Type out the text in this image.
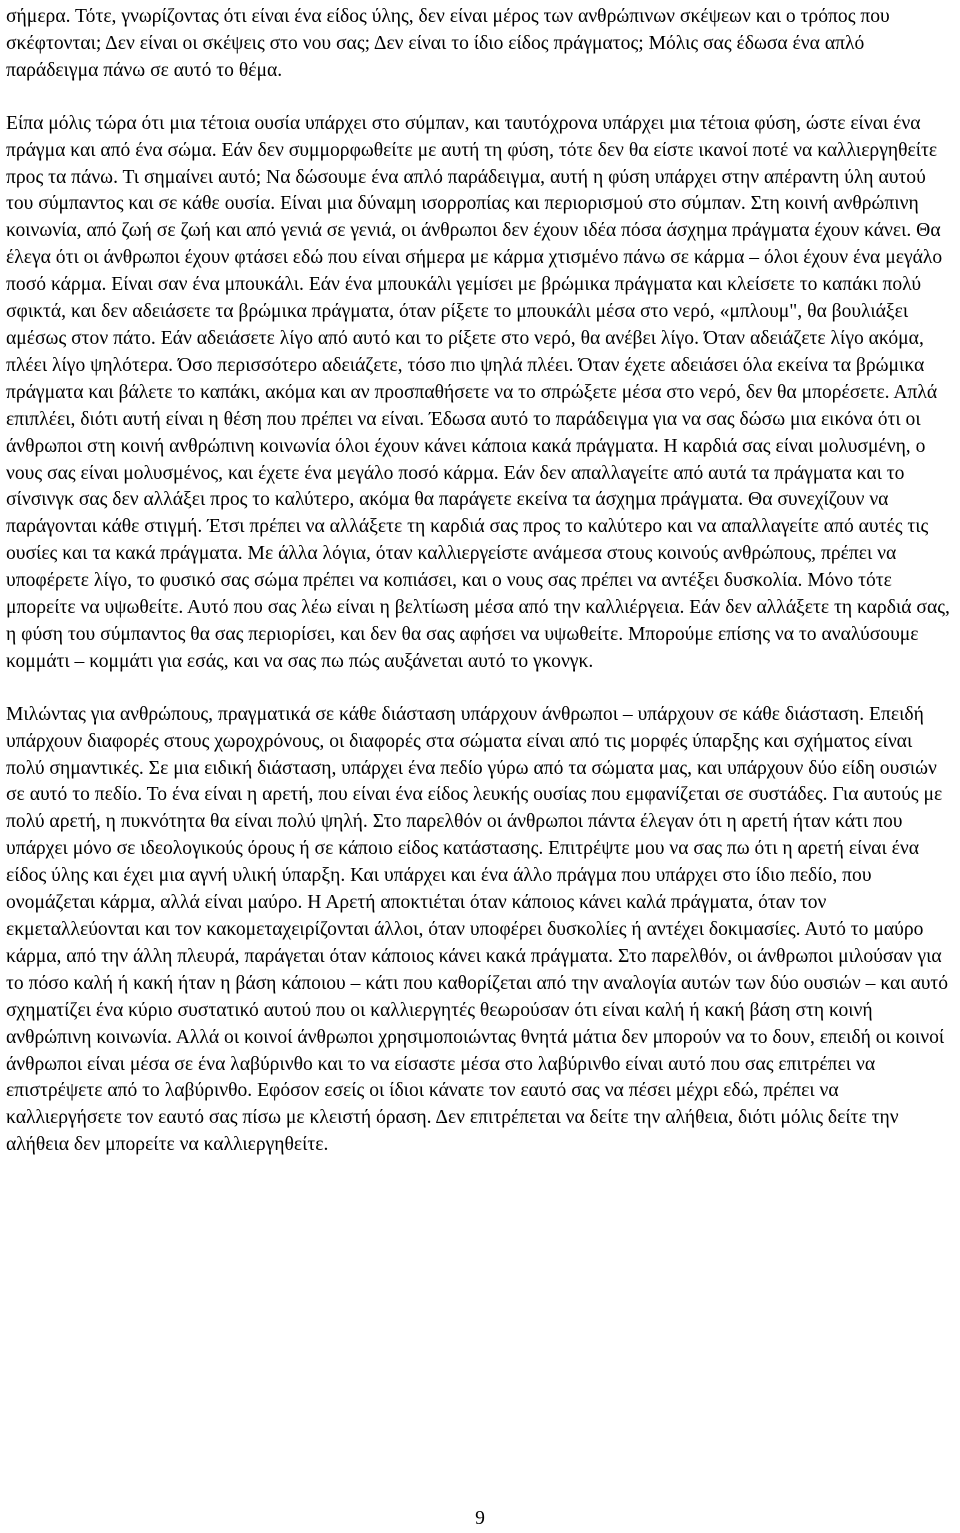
σήμερα. Τότε, γνωρίζοντας ότι είναι ένα είδος ύλης, δεν είναι μέρος των ανθρώπινων σκέψεων και ο τρόπος που σκέφτονται; Δεν είναι οι σκέψεις στο νου σας; Δεν είναι το ίδιο είδος πράγματος; Μόλις σας έδωσα ένα απλό παράδειγμα πάνω σε αυτό το θέμα.

Είπα μόλις τώρα ότι μια τέτοια ουσία υπάρχει στο σύμπαν, και ταυτόχρονα υπάρχει μια τέτοια φύση, ώστε είναι ένα πράγμα και από ένα σώμα. Εάν δεν συμμορφωθείτε με αυτή τη φύση, τότε δεν θα είστε ικανοί ποτέ να καλλιεργηθείτε προς τα πάνω. Τι σημαίνει αυτό; Να δώσουμε ένα απλό παράδειγμα, αυτή η φύση υπάρχει στην απέραντη ύλη αυτού του σύμπαντος και σε κάθε ουσία. Είναι μια δύναμη ισορροπίας και περιορισμού στο σύμπαν. Στη κοινή ανθρώπινη κοινωνία, από ζωή σε ζωή και από γενιά σε γενιά, οι άνθρωποι δεν έχουν ιδέα πόσα άσχημα πράγματα έχουν κάνει. Θα έλεγα ότι οι άνθρωποι έχουν φτάσει εδώ που είναι σήμερα με κάρμα χτισμένο πάνω σε κάρμα – όλοι έχουν ένα μεγάλο ποσό κάρμα. Είναι σαν ένα μπουκάλι. Εάν ένα μπουκάλι γεμίσει με βρώμικα πράγματα και κλείσετε το καπάκι πολύ σφικτά, και δεν αδειάσετε τα βρώμικα πράγματα, όταν ρίξετε το μπουκάλι μέσα στο νερό, «μπλουμ", θα βουλιάξει αμέσως στον πάτο. Εάν αδειάσετε λίγο από αυτό και το ρίξετε στο νερό, θα ανέβει λίγο. Όταν αδειάζετε λίγο ακόμα, πλέει λίγο ψηλότερα. Όσο περισσότερο αδειάζετε, τόσο πιο ψηλά πλέει. Όταν έχετε αδειάσει όλα εκείνα τα βρώμικα πράγματα και βάλετε το καπάκι, ακόμα και αν προσπαθήσετε να το σπρώξετε μέσα στο νερό, δεν θα μπορέσετε. Απλά επιπλέει, διότι αυτή είναι η θέση που πρέπει να είναι. Έδωσα αυτό το παράδειγμα για να σας δώσω μια εικόνα ότι οι άνθρωποι στη κοινή ανθρώπινη κοινωνία όλοι έχουν κάνει κάποια κακά πράγματα. Η καρδιά σας είναι μολυσμένη, ο νους σας είναι μολυσμένος, και έχετε ένα μεγάλο ποσό κάρμα. Εάν δεν απαλλαγείτε από αυτά τα πράγματα και το σίνσινγκ σας δεν αλλάξει προς το καλύτερο, ακόμα θα παράγετε εκείνα τα άσχημα πράγματα. Θα συνεχίζουν να παράγονται κάθε στιγμή. Έτσι πρέπει να αλλάξετε τη καρδιά σας προς το καλύτερο και να απαλλαγείτε από αυτές τις ουσίες και τα κακά πράγματα. Με άλλα λόγια, όταν καλλιεργείστε ανάμεσα στους κοινούς ανθρώπους, πρέπει να υποφέρετε λίγο, το φυσικό σας σώμα πρέπει να κοπιάσει, και ο νους σας πρέπει να αντέξει δυσκολία. Μόνο τότε μπορείτε να υψωθείτε. Αυτό που σας λέω είναι η βελτίωση μέσα από την καλλιέργεια. Εάν δεν αλλάξετε τη καρδιά σας, η φύση του σύμπαντος θα σας περιορίσει, και δεν θα σας αφήσει να υψωθείτε. Μπορούμε επίσης να το αναλύσουμε κομμάτι – κομμάτι για εσάς, και να σας πω πώς αυξάνεται αυτό το γκονγκ.

Μιλώντας για ανθρώπους, πραγματικά σε κάθε διάσταση υπάρχουν άνθρωποι – υπάρχουν σε κάθε διάσταση. Επειδή υπάρχουν διαφορές στους χωροχρόνους, οι διαφορές στα σώματα είναι από τις μορφές ύπαρξης και σχήματος είναι πολύ σημαντικές. Σε μια ειδική διάσταση, υπάρχει ένα πεδίο γύρω από τα σώματα μας, και υπάρχουν δύο είδη ουσιών σε αυτό το πεδίο. Το ένα είναι η αρετή, που είναι ένα είδος λευκής ουσίας που εμφανίζεται σε συστάδες. Για αυτούς με πολύ αρετή, η πυκνότητα θα είναι πολύ ψηλή. Στο παρελθόν οι άνθρωποι πάντα έλεγαν ότι η αρετή ήταν κάτι που υπάρχει μόνο σε ιδεολογικούς όρους ή σε κάποιο είδος κατάστασης. Επιτρέψτε μου να σας πω ότι η αρετή είναι ένα είδος ύλης και έχει μια αγνή υλική ύπαρξη. Και υπάρχει και ένα άλλο πράγμα που υπάρχει στο ίδιο πεδίο, που ονομάζεται κάρμα, αλλά είναι μαύρο. Η Αρετή αποκτιέται όταν κάποιος κάνει καλά πράγματα, όταν τον εκμεταλλεύονται και τον κακομεταχειρίζονται άλλοι, όταν υποφέρει δυσκολίες ή αντέχει δοκιμασίες. Αυτό το μαύρο κάρμα, από την άλλη πλευρά, παράγεται όταν κάποιος κάνει κακά πράγματα. Στο παρελθόν, οι άνθρωποι μιλούσαν για το πόσο καλή ή κακή ήταν η βάση κάποιου – κάτι που καθορίζεται από την αναλογία αυτών των δύο ουσιών – και αυτό σχηματίζει ένα κύριο συστατικό αυτού που οι καλλιεργητές θεωρούσαν ότι είναι καλή ή κακή βάση στη κοινή ανθρώπινη κοινωνία. Αλλά οι κοινοί άνθρωποι χρησιμοποιώντας θνητά μάτια δεν μπορούν να το δουν, επειδή οι κοινοί άνθρωποι είναι μέσα σε ένα λαβύρινθο και το να είσαστε μέσα στο λαβύρινθο είναι αυτό που σας επιτρέπει να επιστρέψετε από το λαβύρινθο. Εφόσον εσείς οι ίδιοι κάνατε τον εαυτό σας να πέσει μέχρι εδώ, πρέπει να καλλιεργήσετε τον εαυτό σας πίσω με κλειστή όραση. Δεν επιτρέπεται να δείτε την αλήθεια, διότι μόλις δείτε την αλήθεια δεν μπορείτε να καλλιεργηθείτε.

9
